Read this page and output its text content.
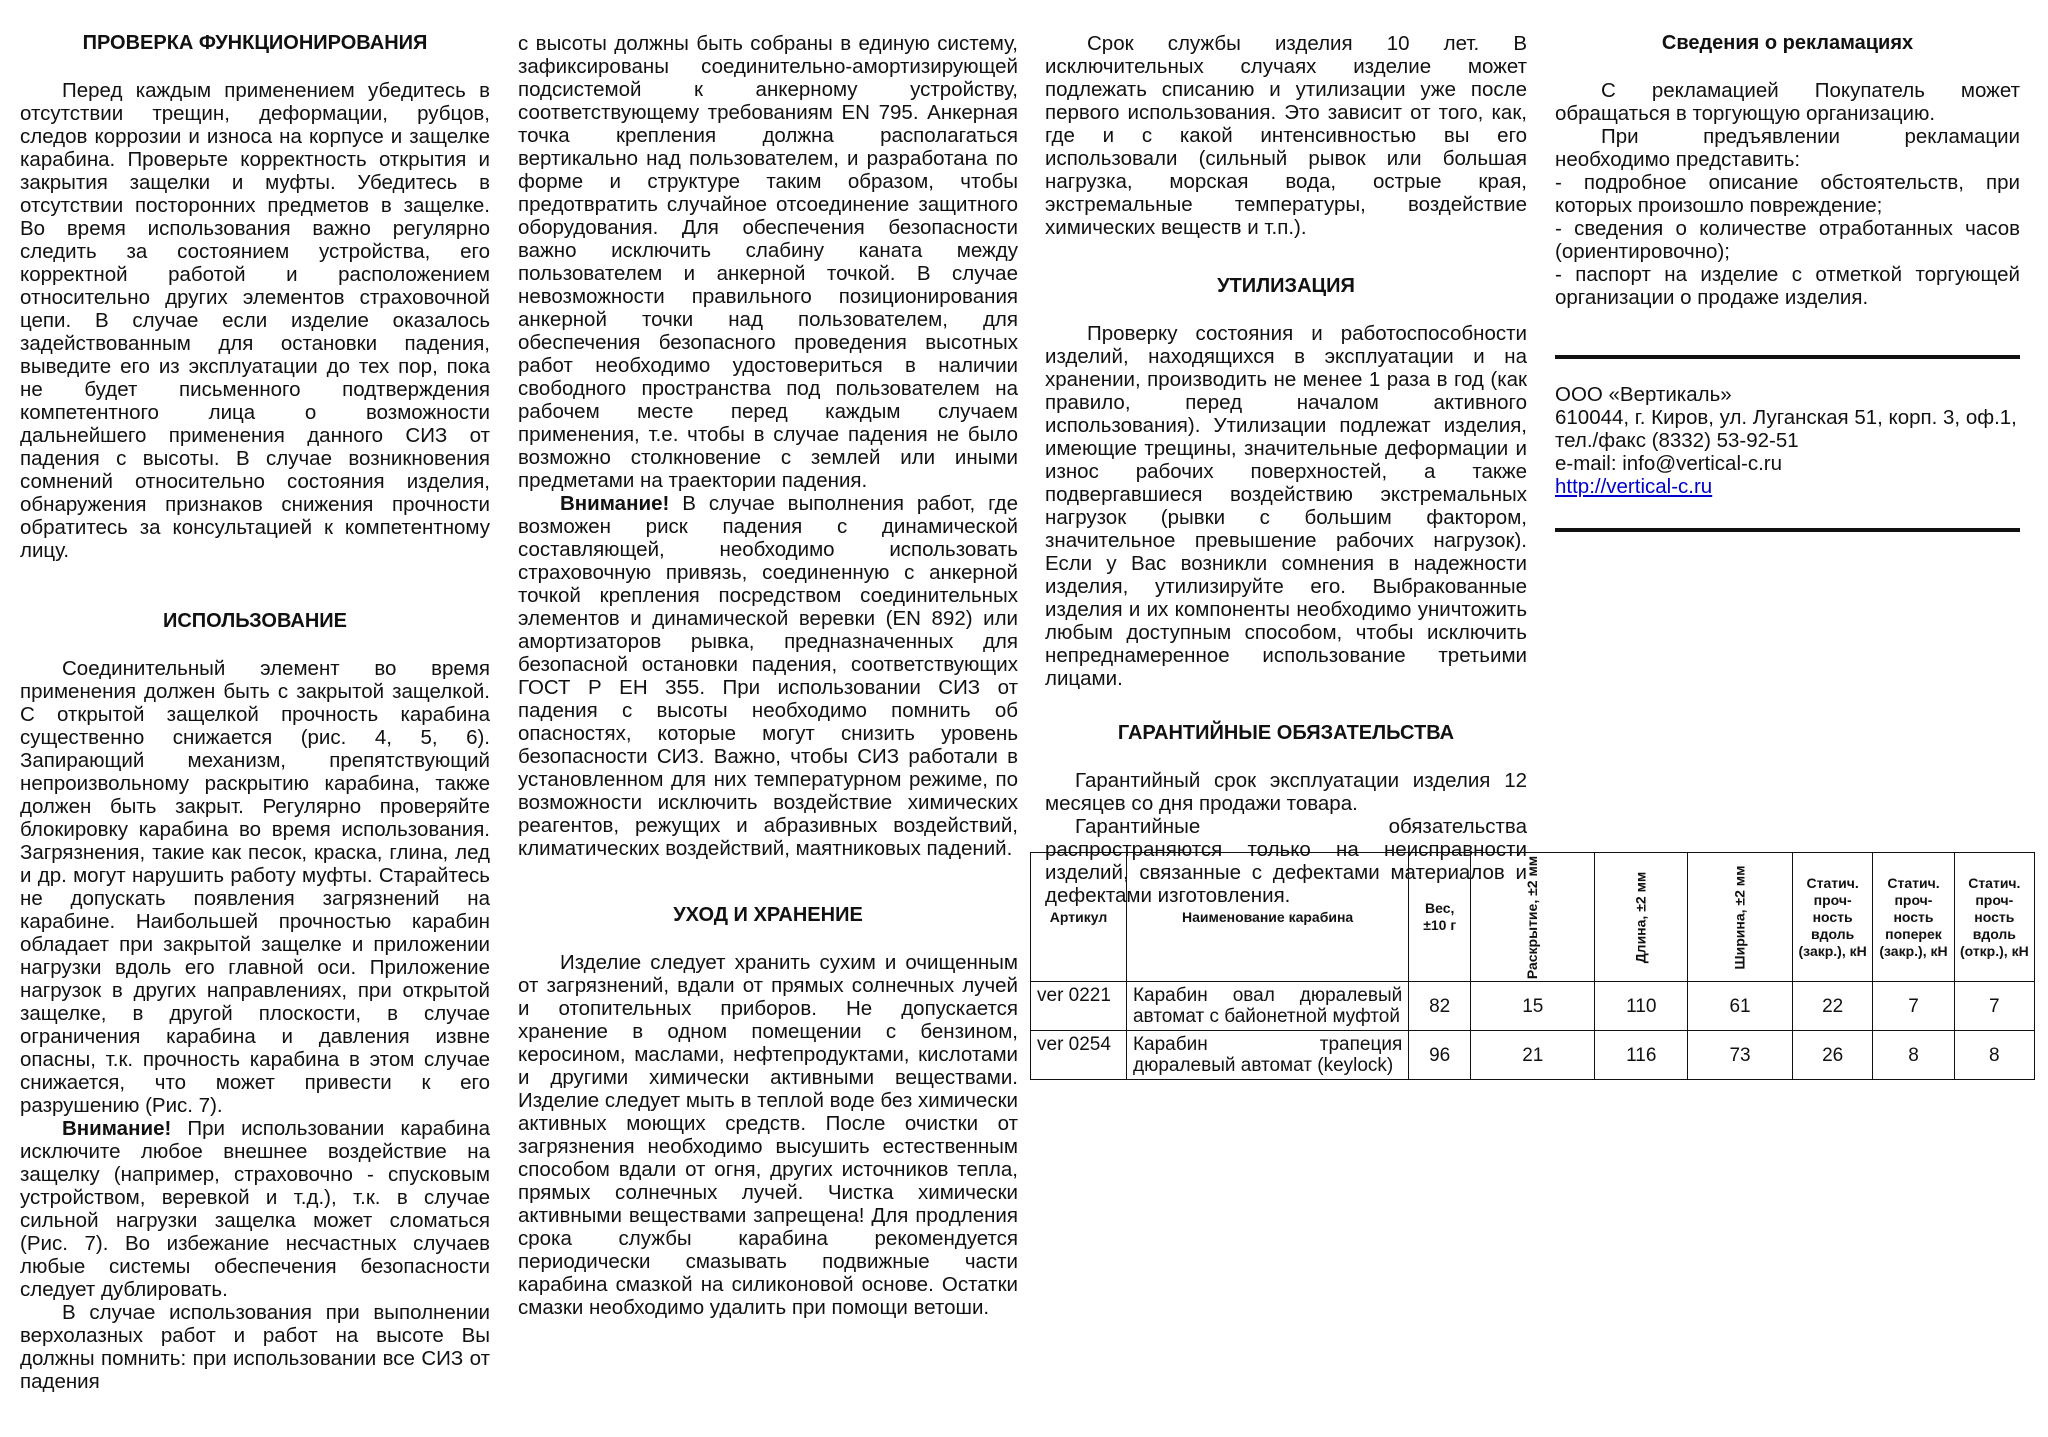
ПРОВЕРКА ФУНКЦИОНИРОВАНИЯ

Перед каждым применением убедитесь в отсутствии трещин, деформации, рубцов, следов коррозии и износа на корпусе и защелке карабина. Проверьте корректность открытия и закрытия защелки и муфты. Убедитесь в отсутствии посторонних предметов в защелке. Во время использования важно регулярно следить за состоянием устройства, его корректной работой и расположением относительно других элементов страховочной цепи. В случае если изделие оказалось задействованным для остановки падения, выведите его из эксплуатации до тех пор, пока не будет письменного подтверждения компетентного лица о возможности дальнейшего применения данного СИЗ от падения с высоты. В случае возникновения сомнений относительно состояния изделия, обнаружения признаков снижения прочности обратитесь за консультацией к компетентному лицу.

ИСПОЛЬЗОВАНИЕ

Соединительный элемент во время применения должен быть с закрытой защелкой. С открытой защелкой прочность карабина существенно снижается (рис. 4, 5, 6). Запирающий механизм, препятствующий непроизвольному раскрытию карабина, также должен быть закрыт. Регулярно проверяйте блокировку карабина во время использования. Загрязнения, такие как песок, краска, глина, лед и др. могут нарушить работу муфты. Старайтесь не допускать появления загрязнений на карабине. Наибольшей прочностью карабин обладает при закрытой защелке и приложении нагрузки вдоль его главной оси. Приложение нагрузок в других направлениях, при открытой защелке, в другой плоскости, в случае ограничения карабина и давления извне опасны, т.к. прочность карабина в этом случае снижается, что может привести к его разрушению (Рис. 7).

Внимание! При использовании карабина исключите любое внешнее воздействие на защелку (например, страховочно - спусковым устройством, веревкой и т.д.), т.к. в случае сильной нагрузки защелка может сломаться (Рис. 7). Во избежание несчастных случаев любые системы обеспечения безопасности следует дублировать.

В случае использования при выполнении верхолазных работ и работ на высоте Вы должны помнить: при использовании все СИЗ от падения

с высоты должны быть собраны в единую систему, зафиксированы соединительно-амортизирующей подсистемой к анкерному устройству, соответствующему требованиям EN 795. Анкерная точка крепления должна располагаться вертикально над пользователем, и разработана по форме и структуре таким образом, чтобы предотвратить случайное отсоединение защитного оборудования. Для обеспечения безопасности важно исключить слабину каната между пользователем и анкерной точкой. В случае невозможности правильного позиционирования анкерной точки над пользователем, для обеспечения безопасного проведения высотных работ необходимо удостовериться в наличии свободного пространства под пользователем на рабочем месте перед каждым случаем применения, т.е. чтобы в случае падения не было возможно столкновение с землей или иными предметами на траектории падения.

Внимание! В случае выполнения работ, где возможен риск падения с динамической составляющей, необходимо использовать страховочную привязь, соединенную с анкерной точкой крепления посредством соединительных элементов и динамической веревки (EN 892) или амортизаторов рывка, предназначенных для безопасной остановки падения, соответствующих ГОСТ Р ЕН 355. При использовании СИЗ от падения с высоты необходимо помнить об опасностях, которые могут снизить уровень безопасности СИЗ. Важно, чтобы СИЗ работали в установленном для них температурном режиме, по возможности исключить воздействие химических реагентов, режущих и абразивных воздействий, климатических воздействий, маятниковых падений.

УХОД И ХРАНЕНИЕ

Изделие следует хранить сухим и очищенным от загрязнений, вдали от прямых солнечных лучей и отопительных приборов. Не допускается хранение в одном помещении с бензином, керосином, маслами, нефтепродуктами, кислотами и другими химически активными веществами. Изделие следует мыть в теплой воде без химически активных моющих средств. После очистки от загрязнения необходимо высушить естественным способом вдали от огня, других источников тепла, прямых солнечных лучей. Чистка химически активными веществами запрещена! Для продления срока службы карабина рекомендуется периодически смазывать подвижные части карабина смазкой на силиконовой основе. Остатки смазки необходимо удалить при помощи ветоши.

Срок службы изделия 10 лет. В исключительных случаях изделие может подлежать списанию и утилизации уже после первого использования. Это зависит от того, как, где и с какой интенсивностью вы его использовали (сильный рывок или большая нагрузка, морская вода, острые края, экстремальные температуры, воздействие химических веществ и т.п.).

УТИЛИЗАЦИЯ

Проверку состояния и работоспособности изделий, находящихся в эксплуатации и на хранении, производить не менее 1 раза в год (как правило, перед началом активного использования). Утилизации подлежат изделия, имеющие трещины, значительные деформации и износ рабочих поверхностей, а также подвергавшиеся воздействию экстремальных нагрузок (рывки с большим фактором, значительное превышение рабочих нагрузок). Если у Вас возникли сомнения в надежности изделия, утилизируйте его. Выбракованные изделия и их компоненты необходимо уничтожить любым доступным способом, чтобы исключить непреднамеренное использование третьими лицами.

ГАРАНТИЙНЫЕ ОБЯЗАТЕЛЬСТВА

Гарантийный срок эксплуатации изделия 12 месяцев со дня продажи товара.

Гарантийные обязательства распространяются только на неисправности изделий, связанные с дефектами материалов и дефектами изготовления.

Сведения о рекламациях

С рекламацией Покупатель может обращаться в торгующую организацию.

При предъявлении рекламации необходимо представить:

- подробное описание обстоятельств, при которых произошло повреждение;

- сведения о количестве отработанных часов (ориентировочно);

- паспорт на изделие с отметкой торгующей организации о продаже изделия.

ООО «Вертикаль»
610044, г. Киров, ул. Луганская 51, корп. 3, оф.1,
тел./факс (8332) 53-92-51
e-mail: info@vertical-c.ru
http://vertical-c.ru
Артикул	Наименование карабина	Вес, ±10 г	Раскрытие, ±2 мм	Длина, ±2 мм	Ширина, ±2 мм	Статич. проч-ность вдоль (закр.), кН	Статич. проч-ность поперек (закр.), кН	Статич. проч-ность вдоль (откр.), кН
ver 0221	Карабин овал дюралевый автомат с байонетной муфтой	82	15	110	61	22	7	7
ver 0254	Карабин трапеция дюралевый автомат (keylock)	96	21	116	73	26	8	8
